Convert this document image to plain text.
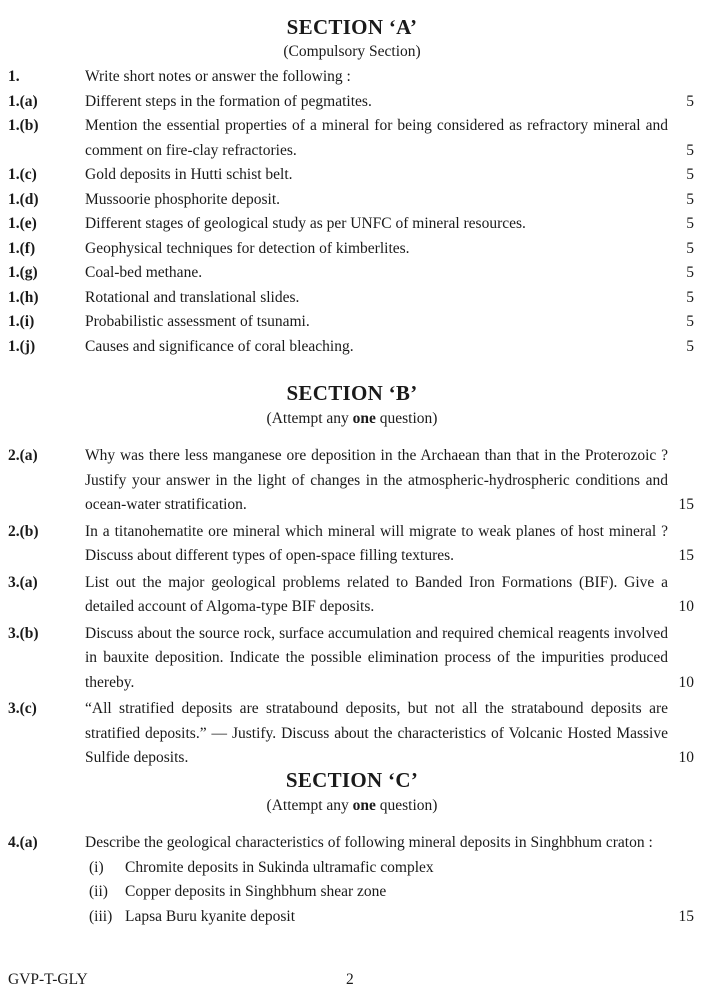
SECTION ‘A’
(Compulsory Section)
1.	Write short notes or answer the following :
1.(a)	Different steps in the formation of pegmatites.	5
1.(b)	Mention the essential properties of a mineral for being considered as refractory mineral and comment on fire-clay refractories.	5
1.(c)	Gold deposits in Hutti schist belt.	5
1.(d)	Mussoorie phosphorite deposit.	5
1.(e)	Different stages of geological study as per UNFC of mineral resources.	5
1.(f)	Geophysical techniques for detection of kimberlites.	5
1.(g)	Coal-bed methane.	5
1.(h)	Rotational and translational slides.	5
1.(i)	Probabilistic assessment of tsunami.	5
1.(j)	Causes and significance of coral bleaching.	5
SECTION ‘B’
(Attempt any one question)
2.(a)	Why was there less manganese ore deposition in the Archaean than that in the Proterozoic ? Justify your answer in the light of changes in the atmospheric-hydrospheric conditions and ocean-water stratification.	15
2.(b)	In a titanohematite ore mineral which mineral will migrate to weak planes of host mineral ? Discuss about different types of open-space filling textures.	15
3.(a)	List out the major geological problems related to Banded Iron Formations (BIF). Give a detailed account of Algoma-type BIF deposits.	10
3.(b)	Discuss about the source rock, surface accumulation and required chemical reagents involved in bauxite deposition. Indicate the possible elimination process of the impurities produced thereby.	10
3.(c)	“All stratified deposits are stratabound deposits, but not all the stratabound deposits are stratified deposits.” — Justify. Discuss about the characteristics of Volcanic Hosted Massive Sulfide deposits.	10
SECTION ‘C’
(Attempt any one question)
4.(a)	Describe the geological characteristics of following mineral deposits in Singhbhum craton :
(i) Chromite deposits in Sukinda ultramafic complex
(ii) Copper deposits in Singhbhum shear zone
(iii) Lapsa Buru kyanite deposit	15
GVP-T-GLY	2
